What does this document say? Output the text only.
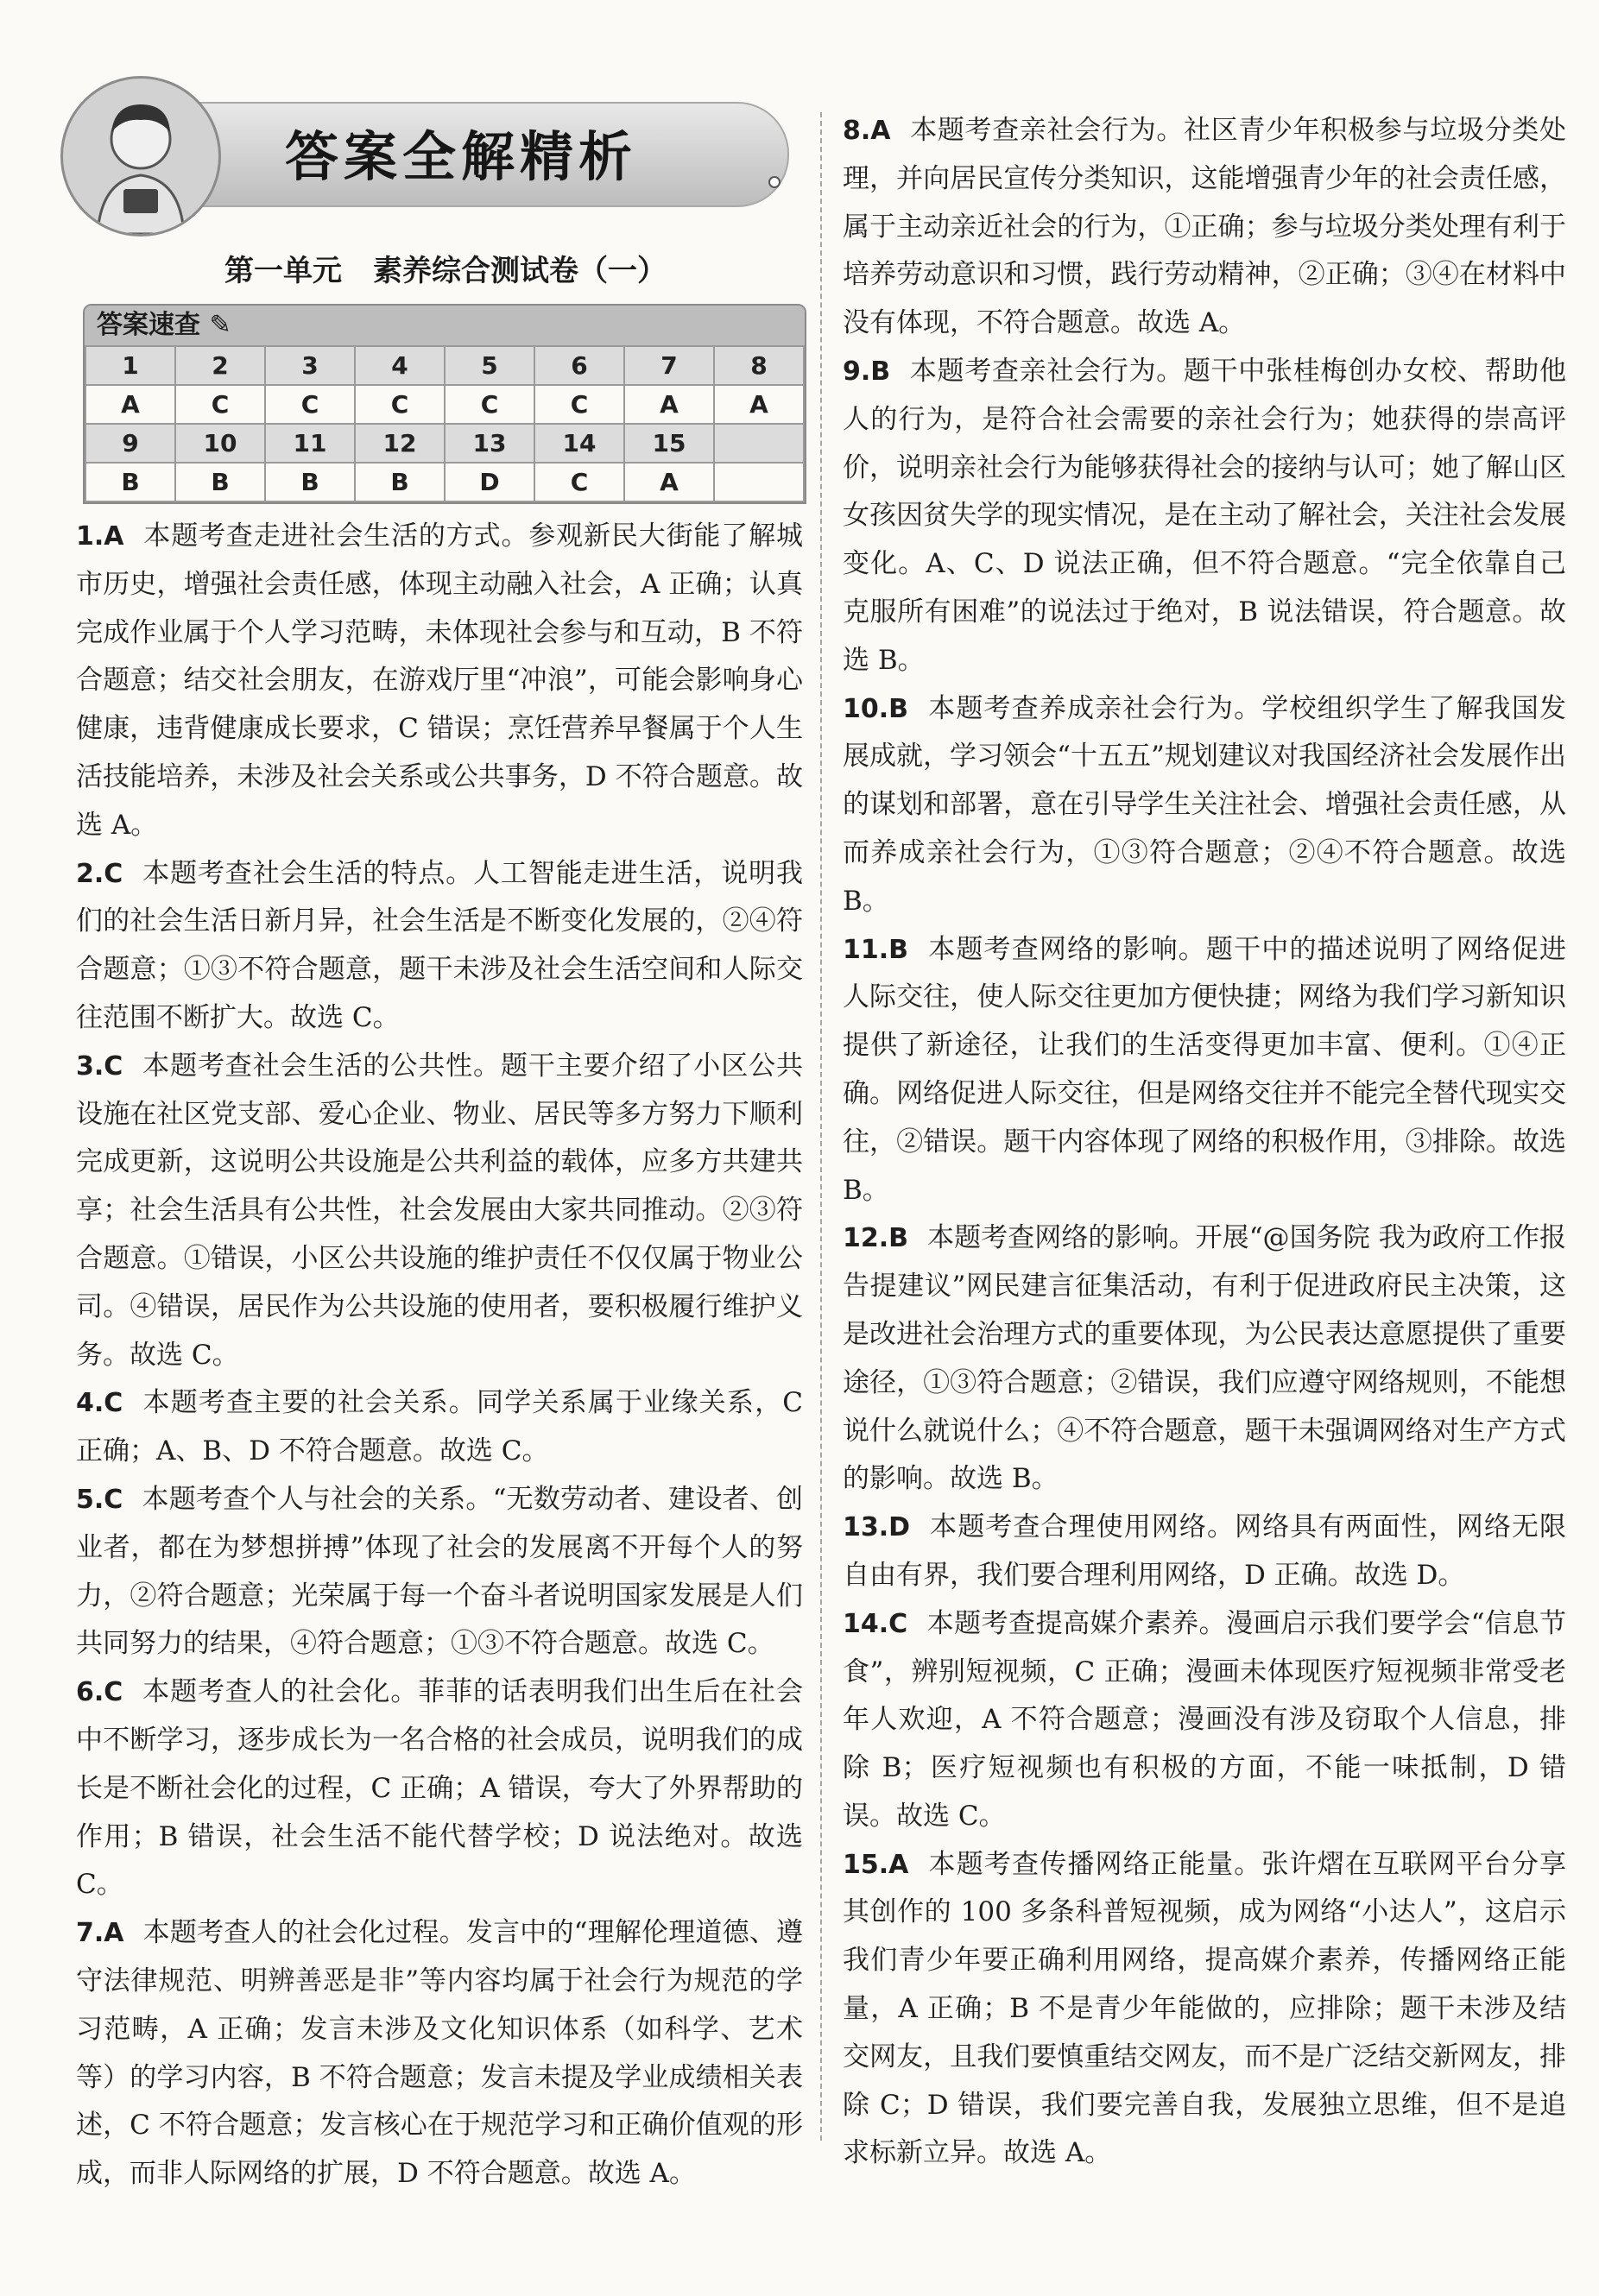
答案全解精析
第一单元 素养综合测试卷（一）
答案速查 ✎
1	2	3	4	5	6	7	8
A	C	C	C	C	C	A	A
9	10	11	12	13	14	15	
B	B	B	B	D	C	A	
1.A 本题考查走进社会生活的方式。参观新民大街能了解城市历史，增强社会责任感，体现主动融入社会，A 正确；认真完成作业属于个人学习范畴，未体现社会参与和互动，B 不符合题意；结交社会朋友，在游戏厅里“冲浪”，可能会影响身心健康，违背健康成长要求，C 错误；烹饪营养早餐属于个人生活技能培养，未涉及社会关系或公共事务，D 不符合题意。故选 A。
2.C 本题考查社会生活的特点。人工智能走进生活，说明我们的社会生活日新月异，社会生活是不断变化发展的，②④符合题意；①③不符合题意，题干未涉及社会生活空间和人际交往范围不断扩大。故选 C。
3.C 本题考查社会生活的公共性。题干主要介绍了小区公共设施在社区党支部、爱心企业、物业、居民等多方努力下顺利完成更新，这说明公共设施是公共利益的载体，应多方共建共享；社会生活具有公共性，社会发展由大家共同推动。②③符合题意。①错误，小区公共设施的维护责任不仅仅属于物业公司。④错误，居民作为公共设施的使用者，要积极履行维护义务。故选 C。
4.C 本题考查主要的社会关系。同学关系属于业缘关系，C 正确；A、B、D 不符合题意。故选 C。
5.C 本题考查个人与社会的关系。“无数劳动者、建设者、创业者，都在为梦想拼搏”体现了社会的发展离不开每个人的努力，②符合题意；光荣属于每一个奋斗者说明国家发展是人们共同努力的结果，④符合题意；①③不符合题意。故选 C。
6.C 本题考查人的社会化。菲菲的话表明我们出生后在社会中不断学习，逐步成长为一名合格的社会成员，说明我们的成长是不断社会化的过程，C 正确；A 错误，夸大了外界帮助的作用；B 错误，社会生活不能代替学校；D 说法绝对。故选 C。
7.A 本题考查人的社会化过程。发言中的“理解伦理道德、遵守法律规范、明辨善恶是非”等内容均属于社会行为规范的学习范畴，A 正确；发言未涉及文化知识体系（如科学、艺术等）的学习内容，B 不符合题意；发言未提及学业成绩相关表述，C 不符合题意；发言核心在于规范学习和正确价值观的形成，而非人际网络的扩展，D 不符合题意。故选 A。
8.A 本题考查亲社会行为。社区青少年积极参与垃圾分类处理，并向居民宣传分类知识，这能增强青少年的社会责任感，属于主动亲近社会的行为，①正确；参与垃圾分类处理有利于培养劳动意识和习惯，践行劳动精神，②正确；③④在材料中没有体现，不符合题意。故选 A。
9.B 本题考查亲社会行为。题干中张桂梅创办女校、帮助他人的行为，是符合社会需要的亲社会行为；她获得的崇高评价，说明亲社会行为能够获得社会的接纳与认可；她了解山区女孩因贫失学的现实情况，是在主动了解社会，关注社会发展变化。A、C、D 说法正确，但不符合题意。“完全依靠自己克服所有困难”的说法过于绝对，B 说法错误，符合题意。故选 B。
10.B 本题考查养成亲社会行为。学校组织学生了解我国发展成就，学习领会“十五五”规划建议对我国经济社会发展作出的谋划和部署，意在引导学生关注社会、增强社会责任感，从而养成亲社会行为，①③符合题意；②④不符合题意。故选 B。
11.B 本题考查网络的影响。题干中的描述说明了网络促进人际交往，使人际交往更加方便快捷；网络为我们学习新知识提供了新途径，让我们的生活变得更加丰富、便利。①④正确。网络促进人际交往，但是网络交往并不能完全替代现实交往，②错误。题干内容体现了网络的积极作用，③排除。故选 B。
12.B 本题考查网络的影响。开展“@国务院 我为政府工作报告提建议”网民建言征集活动，有利于促进政府民主决策，这是改进社会治理方式的重要体现，为公民表达意愿提供了重要途径，①③符合题意；②错误，我们应遵守网络规则，不能想说什么就说什么；④不符合题意，题干未强调网络对生产方式的影响。故选 B。
13.D 本题考查合理使用网络。网络具有两面性，网络无限自由有界，我们要合理利用网络，D 正确。故选 D。
14.C 本题考查提高媒介素养。漫画启示我们要学会“信息节食”，辨别短视频，C 正确；漫画未体现医疗短视频非常受老年人欢迎，A 不符合题意；漫画没有涉及窃取个人信息，排除 B；医疗短视频也有积极的方面，不能一味抵制，D 错误。故选 C。
15.A 本题考查传播网络正能量。张许熠在互联网平台分享其创作的 100 多条科普短视频，成为网络“小达人”，这启示我们青少年要正确利用网络，提高媒介素养，传播网络正能量，A 正确；B 不是青少年能做的，应排除；题干未涉及结交网友，且我们要慎重结交网友，而不是广泛结交新网友，排除 C；D 错误，我们要完善自我，发展独立思维，但不是追求标新立异。故选 A。
